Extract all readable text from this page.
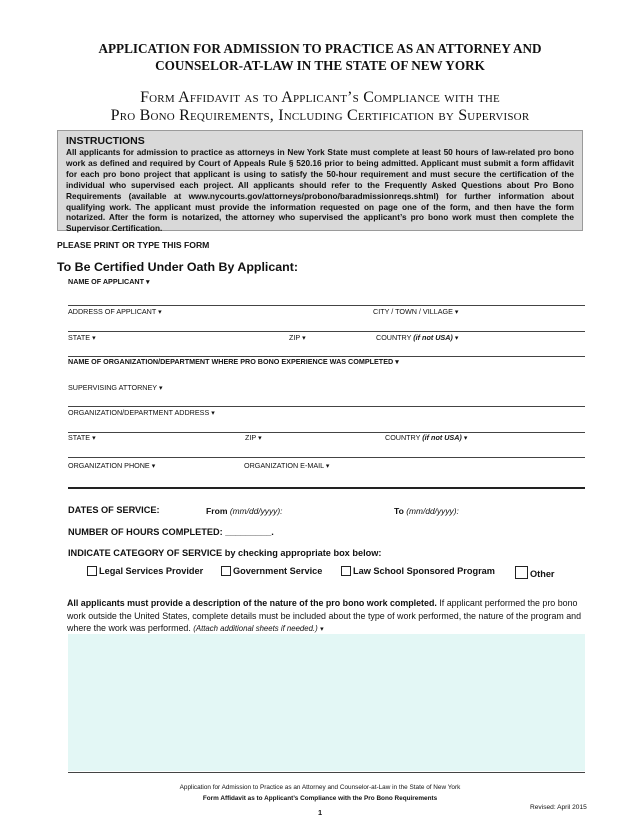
APPLICATION FOR ADMISSION TO PRACTICE AS AN ATTORNEY AND
COUNSELOR-AT-LAW IN THE STATE OF NEW YORK
Form Affidavit as to Applicant’s Compliance with the
Pro Bono Requirements, Including Certification by Supervisor
INSTRUCTIONS
All applicants for admission to practice as attorneys in New York State must complete at least 50 hours of law-related pro bono work as defined and required by Court of Appeals Rule § 520.16 prior to being admitted. Applicant must submit a form affidavit for each pro bono project that applicant is using to satisfy the 50-hour requirement and must secure the certification of the individual who supervised each project. All applicants should refer to the Frequently Asked Questions about Pro Bono Requirements (available at www.nycourts.gov/attorneys/probono/baradmissionreqs.shtml) for further information about qualifying work. The applicant must provide the information requested on page one of the form, and then have the form notarized. After the form is notarized, the attorney who supervised the applicant’s pro bono work must then complete the Supervisor Certification.
PLEASE PRINT OR TYPE THIS FORM
To Be Certified Under Oath By Applicant:
NAME OF APPLICANT ▾
ADDRESS OF APPLICANT ▾	CITY / TOWN / VILLAGE ▾
STATE ▾	ZIP ▾	COUNTRY (if not USA) ▾
NAME OF ORGANIZATION/DEPARTMENT WHERE PRO BONO EXPERIENCE WAS COMPLETED ▾
SUPERVISING ATTORNEY ▾
ORGANIZATION/DEPARTMENT ADDRESS ▾
STATE ▾	ZIP ▾	COUNTRY (if not USA) ▾
ORGANIZATION PHONE ▾	ORGANIZATION E-MAIL ▾
DATES OF SERVICE:	From (mm/dd/yyyy):	To (mm/dd/yyyy):
NUMBER OF HOURS COMPLETED: _________.
INDICATE CATEGORY OF SERVICE by checking appropriate box below:
Legal Services Provider	Government Service	Law School Sponsored Program	Other
All applicants must provide a description of the nature of the pro bono work completed. If applicant performed the pro bono work outside the United States, complete details must be included about the type of work performed, the nature of the program and where the work was performed. (Attach additional sheets if needed.) ▾
Application for Admission to Practice as an Attorney and Counselor-at-Law in the State of New York
Form Affidavit as to Applicant’s Compliance with the Pro Bono Requirements
1
Revised: April 2015
